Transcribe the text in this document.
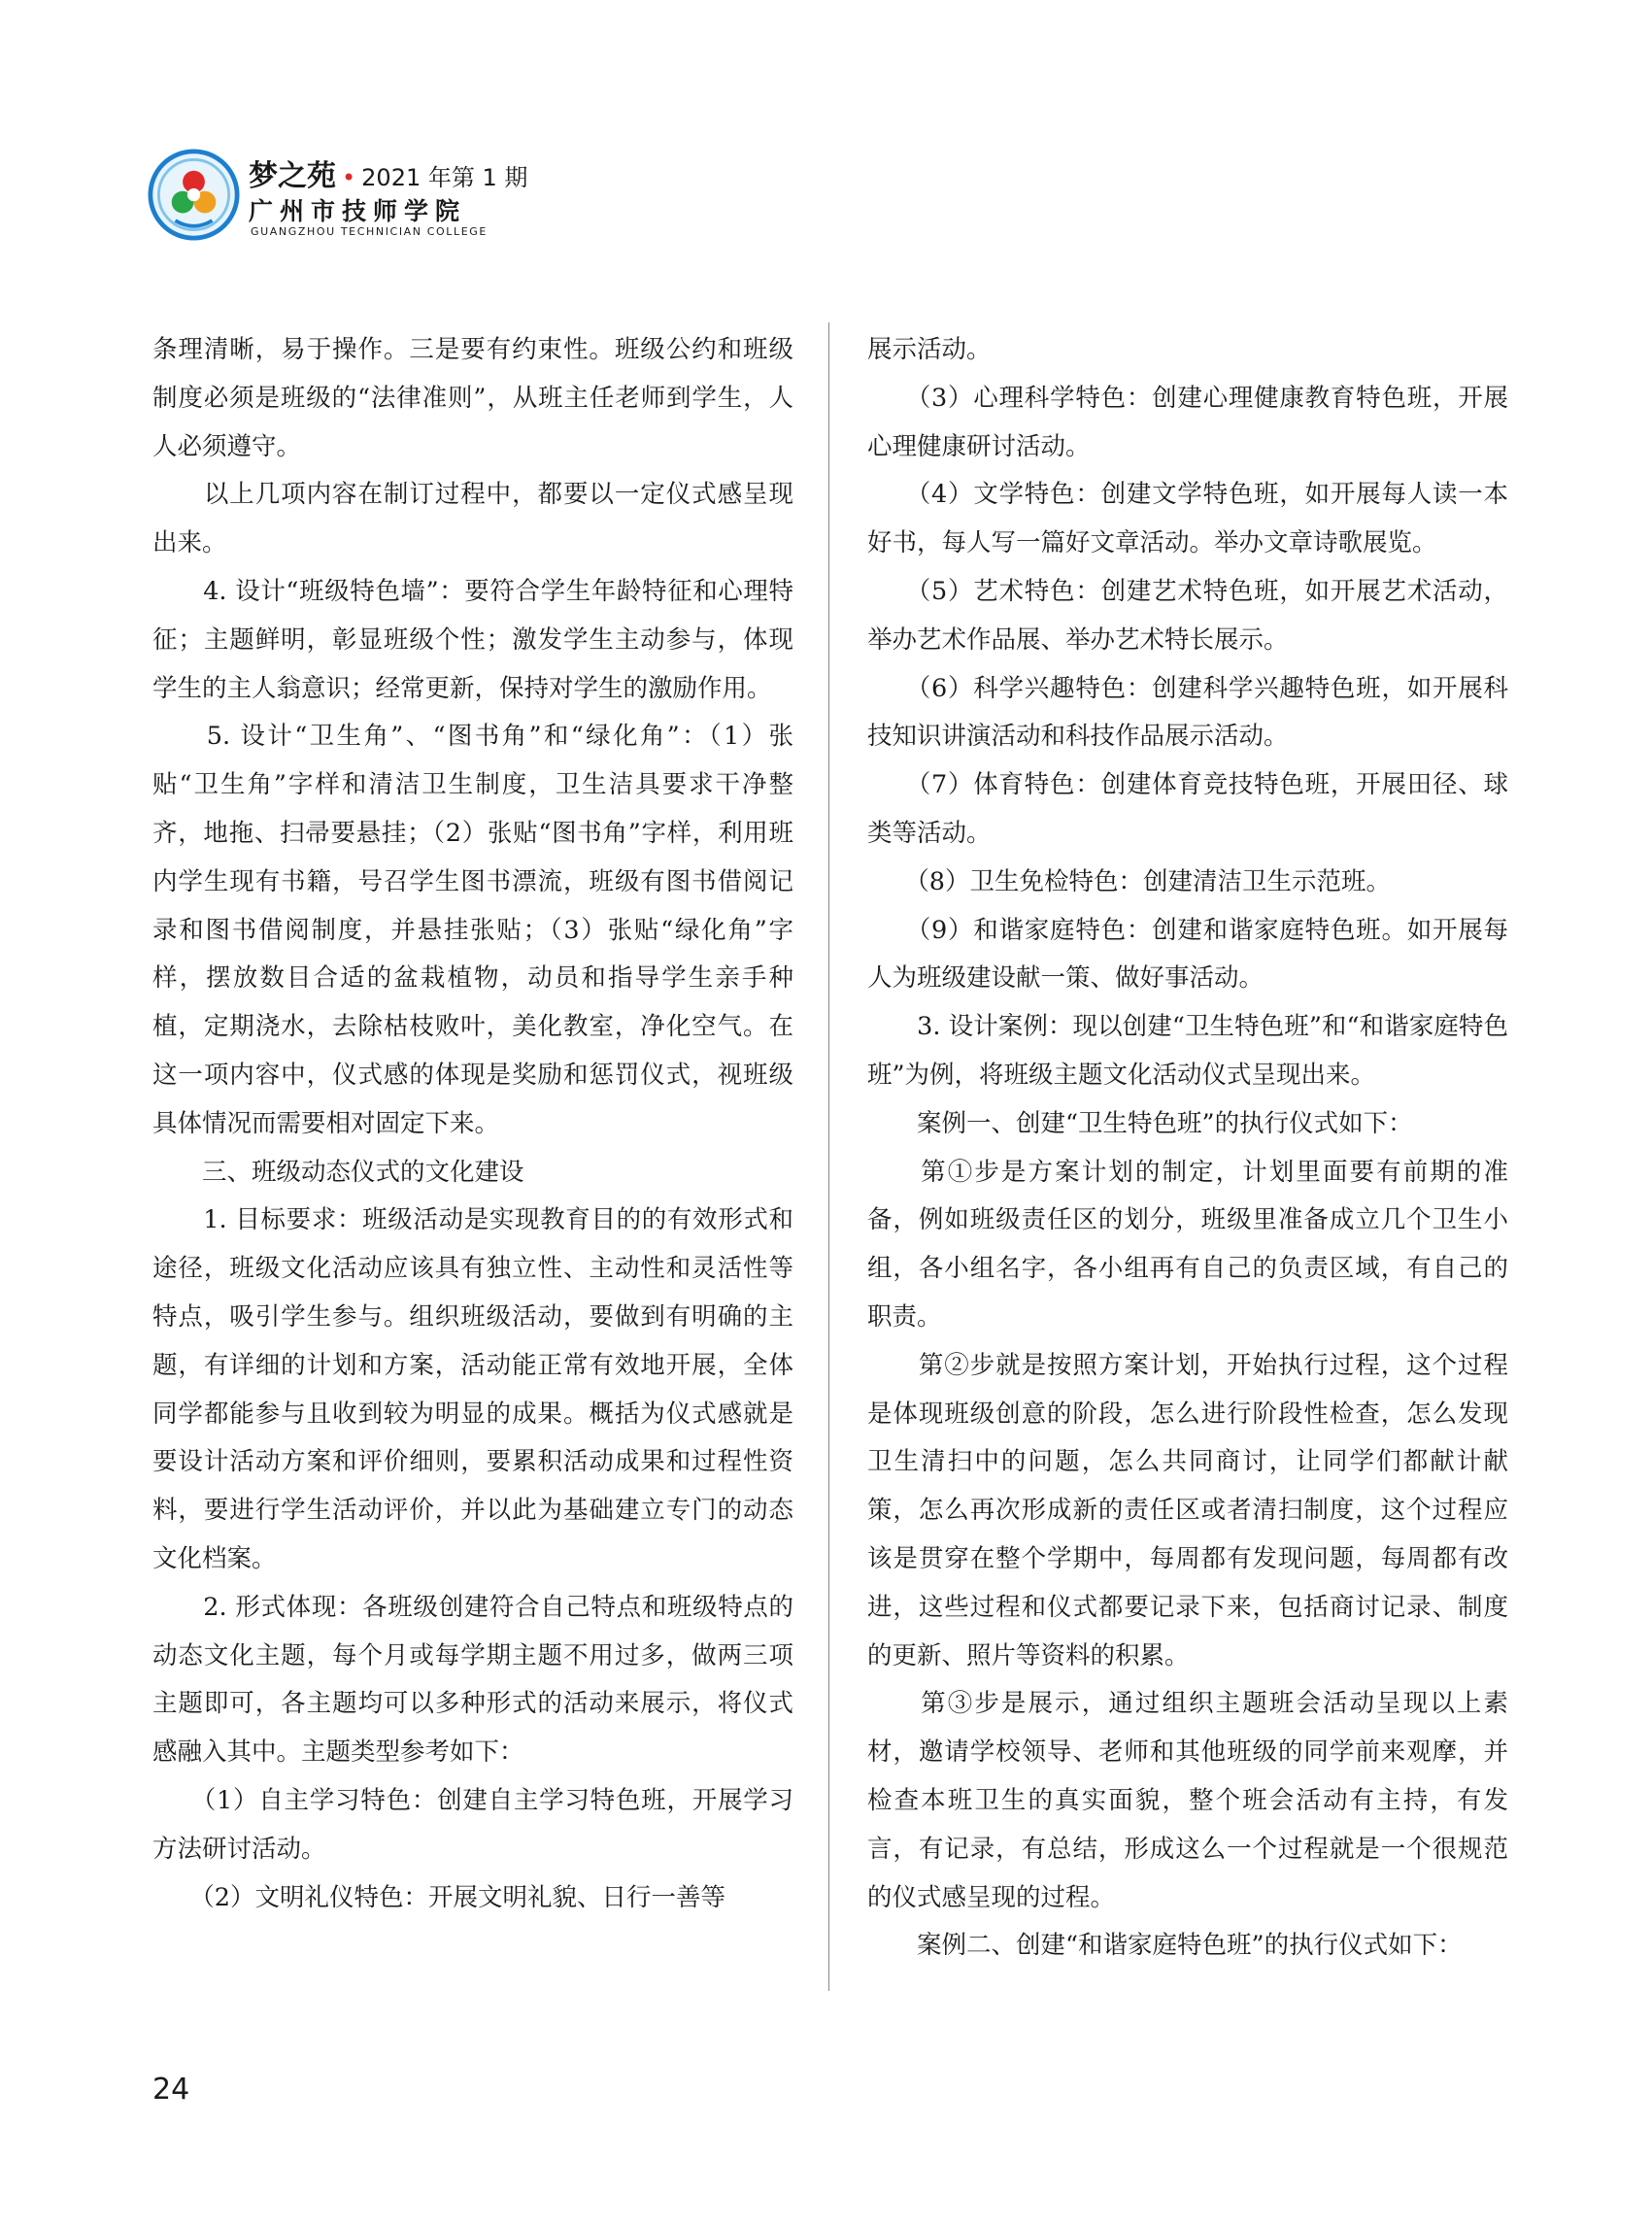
梦之苑 • 2021 年第 1 期
广州市技师学院
GUANGZHOU TECHNICIAN COLLEGE

条理清晰，易于操作。三是要有约束性。班级公约和班级制度必须是班级的“法律准则”，从班主任老师到学生，人人必须遵守。

　　以上几项内容在制订过程中，都要以一定仪式感呈现出来。

　　4. 设计“班级特色墙”：要符合学生年龄特征和心理特征；主题鲜明，彰显班级个性；激发学生主动参与，体现学生的主人翁意识；经常更新，保持对学生的激励作用。

　　5. 设计“卫生角”、“图书角”和“绿化角”：（1）张贴“卫生角”字样和清洁卫生制度，卫生洁具要求干净整齐，地拖、扫帚要悬挂；（2）张贴“图书角”字样，利用班内学生现有书籍，号召学生图书漂流，班级有图书借阅记录和图书借阅制度，并悬挂张贴；（3）张贴“绿化角”字样，摆放数目合适的盆栽植物，动员和指导学生亲手种植，定期浇水，去除枯枝败叶，美化教室，净化空气。在这一项内容中，仪式感的体现是奖励和惩罚仪式，视班级具体情况而需要相对固定下来。

　　三、班级动态仪式的文化建设

　　1. 目标要求：班级活动是实现教育目的的有效形式和途径，班级文化活动应该具有独立性、主动性和灵活性等特点，吸引学生参与。组织班级活动，要做到有明确的主题，有详细的计划和方案，活动能正常有效地开展，全体同学都能参与且收到较为明显的成果。概括为仪式感就是要设计活动方案和评价细则，要累积活动成果和过程性资料，要进行学生活动评价，并以此为基础建立专门的动态文化档案。

　　2. 形式体现：各班级创建符合自己特点和班级特点的动态文化主题，每个月或每学期主题不用过多，做两三项主题即可，各主题均可以多种形式的活动来展示，将仪式感融入其中。主题类型参考如下：

　　（1）自主学习特色：创建自主学习特色班，开展学习方法研讨活动。

　　（2）文明礼仪特色：开展文明礼貌、日行一善等

展示活动。

　　（3）心理科学特色：创建心理健康教育特色班，开展心理健康研讨活动。

　　（4）文学特色：创建文学特色班，如开展每人读一本好书，每人写一篇好文章活动。举办文章诗歌展览。

　　（5）艺术特色：创建艺术特色班，如开展艺术活动，举办艺术作品展、举办艺术特长展示。

　　（6）科学兴趣特色：创建科学兴趣特色班，如开展科技知识讲演活动和科技作品展示活动。

　　（7）体育特色：创建体育竞技特色班，开展田径、球类等活动。

　　（8）卫生免检特色：创建清洁卫生示范班。

　　（9）和谐家庭特色：创建和谐家庭特色班。如开展每人为班级建设献一策、做好事活动。

　　3. 设计案例：现以创建“卫生特色班”和“和谐家庭特色班”为例，将班级主题文化活动仪式呈现出来。

　　案例一、创建“卫生特色班”的执行仪式如下：

　　第①步是方案计划的制定，计划里面要有前期的准备，例如班级责任区的划分，班级里准备成立几个卫生小组，各小组名字，各小组再有自己的负责区域，有自己的职责。

　　第②步就是按照方案计划，开始执行过程，这个过程是体现班级创意的阶段，怎么进行阶段性检查，怎么发现卫生清扫中的问题，怎么共同商讨，让同学们都献计献策，怎么再次形成新的责任区或者清扫制度，这个过程应该是贯穿在整个学期中，每周都有发现问题，每周都有改进，这些过程和仪式都要记录下来，包括商讨记录、制度的更新、照片等资料的积累。

　　第③步是展示，通过组织主题班会活动呈现以上素材，邀请学校领导、老师和其他班级的同学前来观摩，并检查本班卫生的真实面貌，整个班会活动有主持，有发言，有记录，有总结，形成这么一个过程就是一个很规范的仪式感呈现的过程。

　　案例二、创建“和谐家庭特色班”的执行仪式如下：

24
